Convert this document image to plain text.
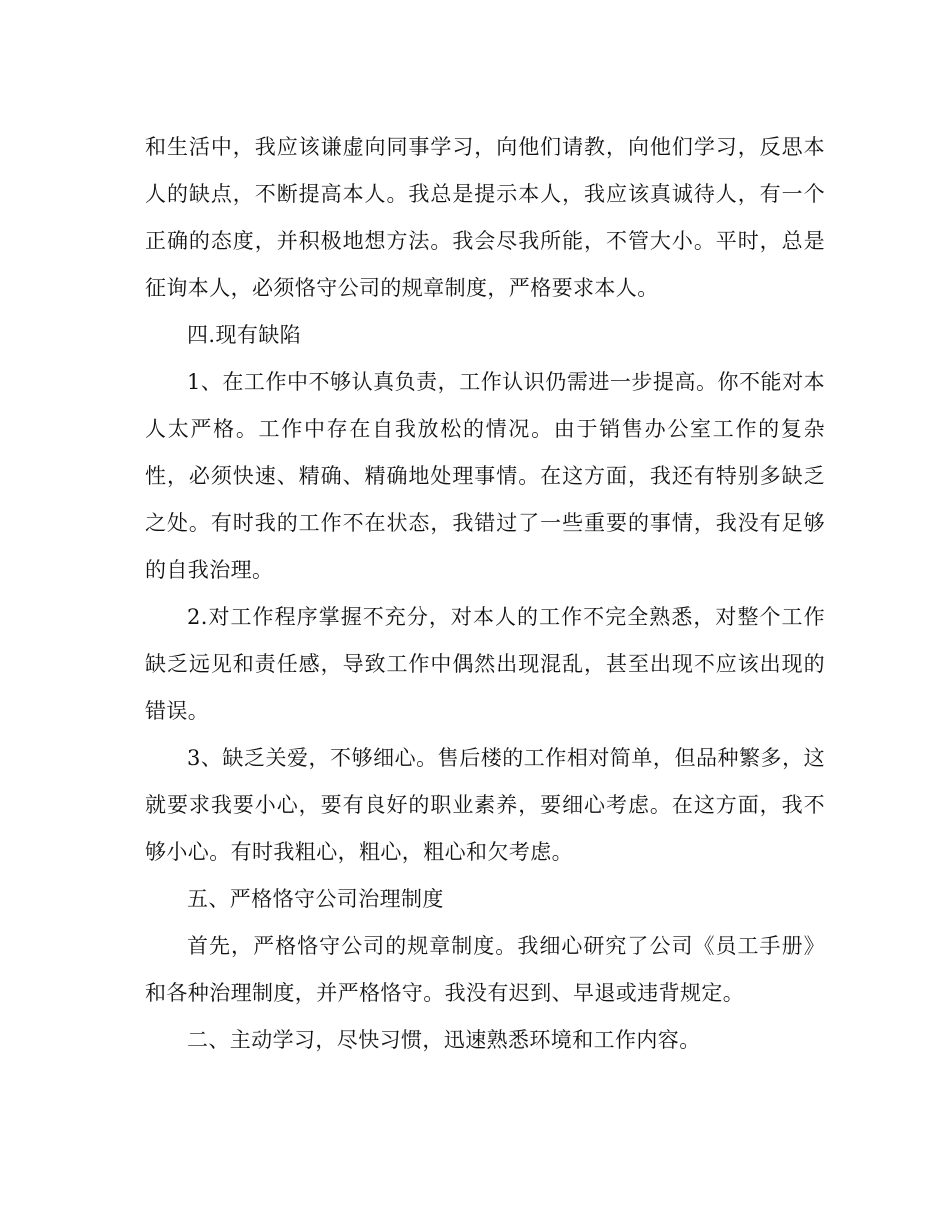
和生活中，我应该谦虚向同事学习，向他们请教，向他们学习，反思本人的缺点，不断提高本人。我总是提示本人，我应该真诚待人，有一个正确的态度，并积极地想方法。我会尽我所能，不管大小。平时，总是征询本人，必须恪守公司的规章制度，严格要求本人。

四.现有缺陷

1、在工作中不够认真负责，工作认识仍需进一步提高。你不能对本人太严格。工作中存在自我放松的情况。由于销售办公室工作的复杂性，必须快速、精确、精确地处理事情。在这方面，我还有特别多缺乏之处。有时我的工作不在状态，我错过了一些重要的事情，我没有足够的自我治理。

2.对工作程序掌握不充分，对本人的工作不完全熟悉，对整个工作缺乏远见和责任感，导致工作中偶然出现混乱，甚至出现不应该出现的错误。

3、缺乏关爱，不够细心。售后楼的工作相对简单，但品种繁多，这就要求我要小心，要有良好的职业素养，要细心考虑。在这方面，我不够小心。有时我粗心，粗心，粗心和欠考虑。

五、严格恪守公司治理制度

首先，严格恪守公司的规章制度。我细心研究了公司《员工手册》和各种治理制度，并严格恪守。我没有迟到、早退或违背规定。

二、主动学习，尽快习惯，迅速熟悉环境和工作内容。
